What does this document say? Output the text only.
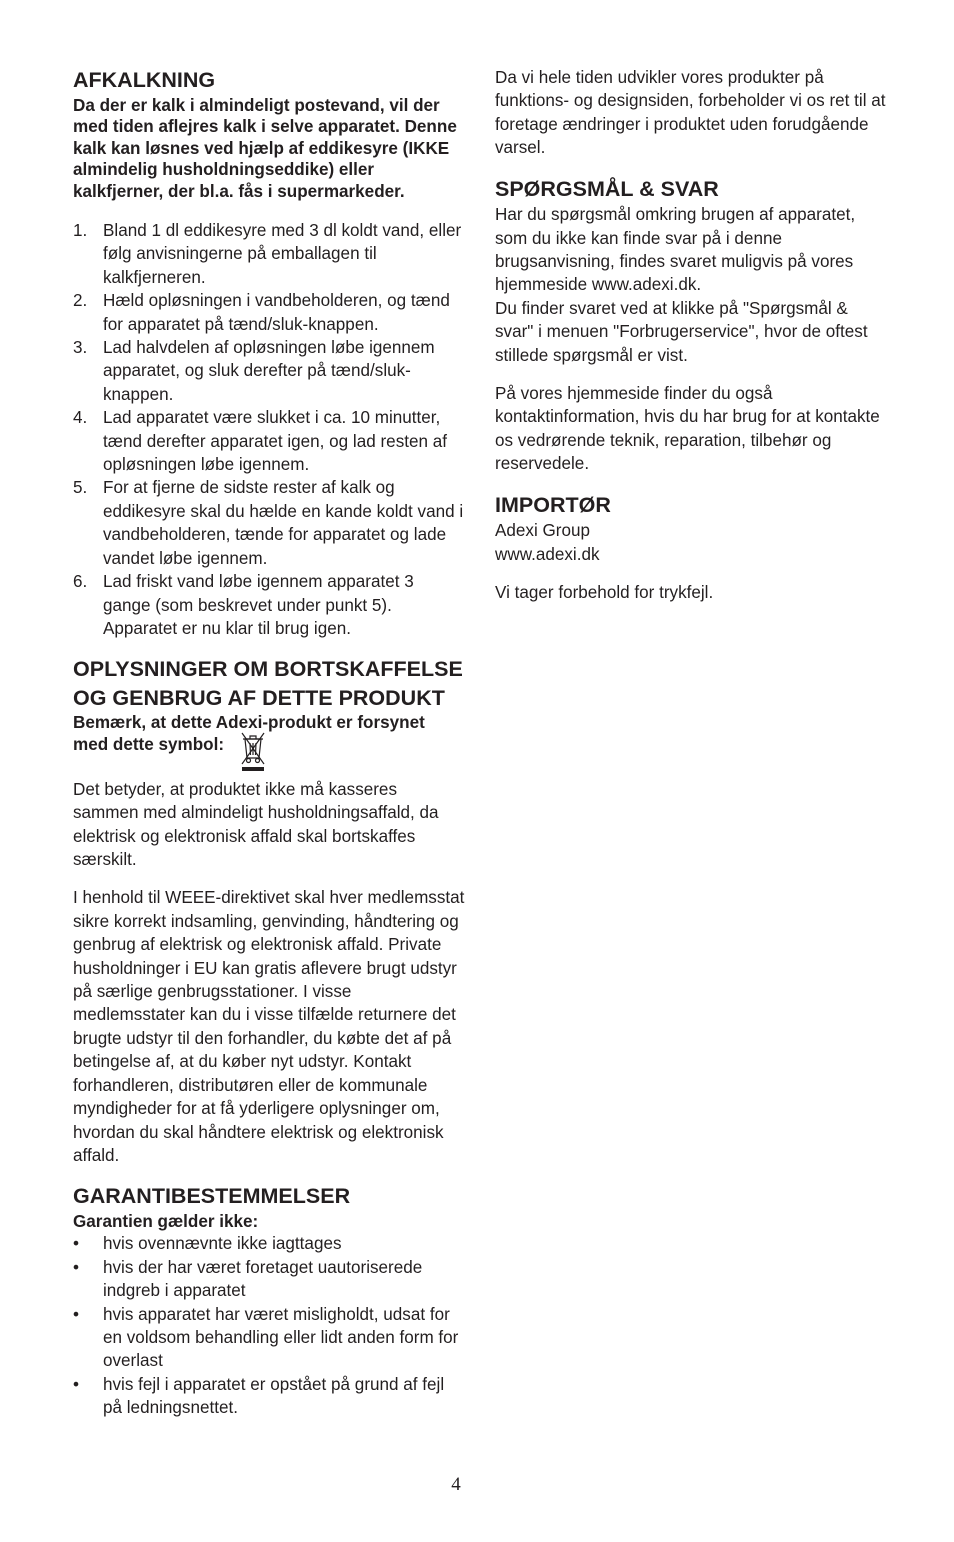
AFKALKNING

Da der er kalk i almindeligt postevand, vil der med tiden aflejres kalk i selve apparatet. Denne kalk kan løsnes ved hjælp af eddikesyre (IKKE almindelig husholdningseddike) eller kalkfjerner, der bl.a. fås i supermarkeder.

1. Bland 1 dl eddikesyre med 3 dl koldt vand, eller følg anvisningerne på emballagen til kalkfjerneren.
2. Hæld opløsningen i vandbeholderen, og tænd for apparatet på tænd/sluk-knappen.
3. Lad halvdelen af opløsningen løbe igennem apparatet, og sluk derefter på tænd/sluk-knappen.
4. Lad apparatet være slukket i ca. 10 minutter, tænd derefter apparatet igen, og lad resten af opløsningen løbe igennem.
5. For at fjerne de sidste rester af kalk og eddikesyre skal du hælde en kande koldt vand i vandbeholderen, tænde for apparatet og lade vandet løbe igennem.
6. Lad friskt vand løbe igennem apparatet 3 gange (som beskrevet under punkt 5). Apparatet er nu klar til brug igen.
OPLYSNINGER OM BORTSKAFFELSE OG GENBRUG AF DETTE PRODUKT

Bemærk, at dette Adexi-produkt er forsynet

med dette symbol:

Det betyder, at produktet ikke må kasseres sammen med almindeligt husholdningsaffald, da elektrisk og elektronisk affald skal bortskaffes særskilt.

I henhold til WEEE-direktivet skal hver medlemsstat sikre korrekt indsamling, genvinding, håndtering og genbrug af elektrisk og elektronisk affald. Private husholdninger i EU kan gratis aflevere brugt udstyr på særlige genbrugsstationer. I visse medlemsstater kan du i visse tilfælde returnere det brugte udstyr til den forhandler, du købte det af på betingelse af, at du køber nyt udstyr. Kontakt forhandleren, distributøren eller de kommunale myndigheder for at få yderligere oplysninger om, hvordan du skal håndtere elektrisk og elektronisk affald.

GARANTIBESTEMMELSER

Garantien gælder ikke:

• hvis ovennævnte ikke iagttages
• hvis der har været foretaget uautoriserede indgreb i apparatet
• hvis apparatet har været misligholdt, udsat for en voldsom behandling eller lidt anden form for overlast
• hvis fejl i apparatet er opstået på grund af fejl på ledningsnettet.

Da vi hele tiden udvikler vores produkter på funktions- og designsiden, forbeholder vi os ret til at foretage ændringer i produktet uden forudgående varsel.

SPØRGSMÅL & SVAR

Har du spørgsmål omkring brugen af apparatet, som du ikke kan finde svar på i denne brugsanvisning, findes svaret muligvis på vores hjemmeside www.adexi.dk.

Du finder svaret ved at klikke på "Spørgsmål & svar" i menuen "Forbrugerservice", hvor de oftest stillede spørgsmål er vist.

På vores hjemmeside finder du også kontaktinformation, hvis du har brug for at kontakte os vedrørende teknik, reparation, tilbehør og reservedele.

IMPORTØR

Adexi Group

www.adexi.dk

Vi tager forbehold for trykfejl.

4
